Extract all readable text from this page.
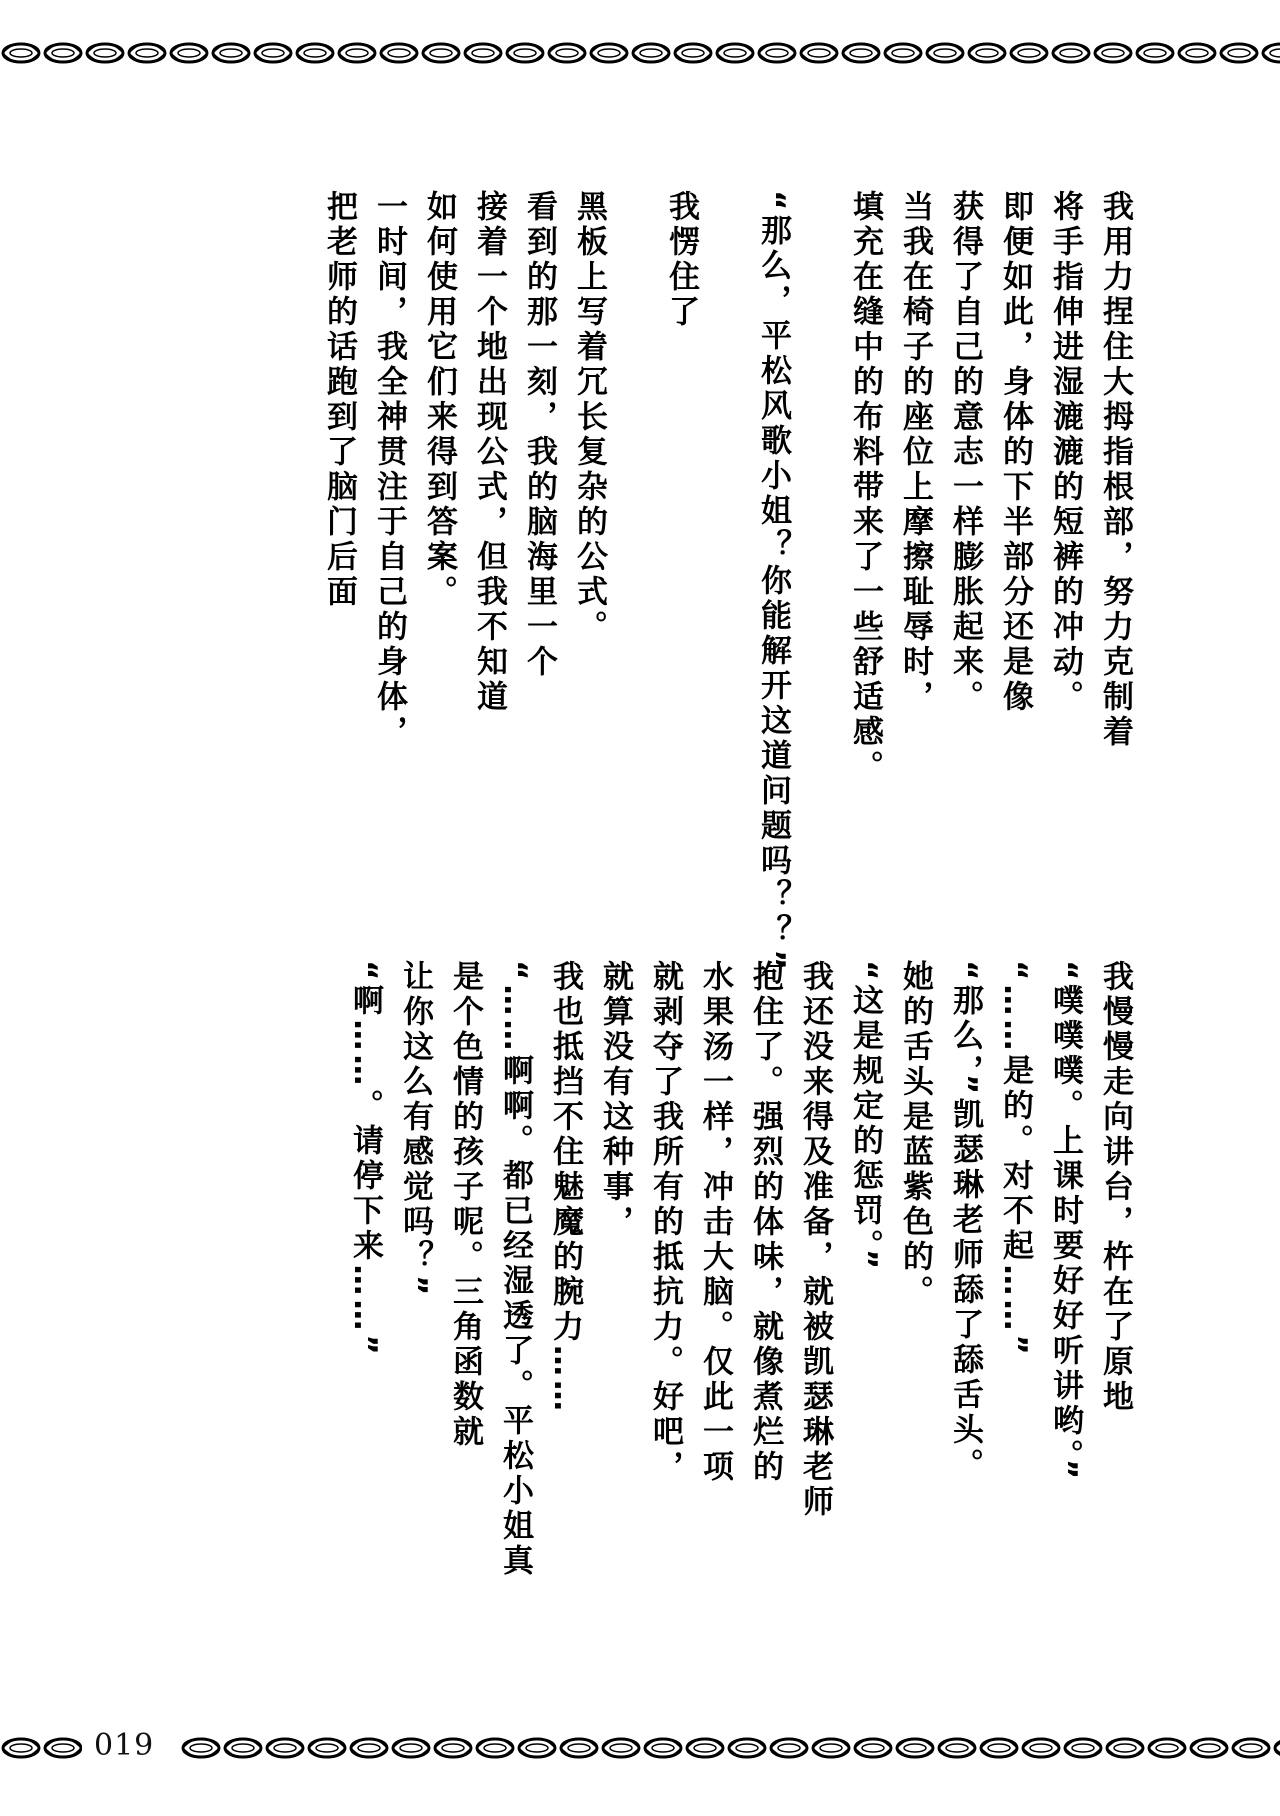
019
我用力捏住大拇指根部，努力克制着
将手指伸进湿漉漉的短裤的冲动。
即便如此，身体的下半部分还是像
获得了自己的意志一样膨胀起来。
当我在椅子的座位上摩擦耻辱时，
填充在缝中的布料带来了一些舒适感。
“那么，平松风歌小姐？你能解开这道问题吗？？”
我愣住了
黑板上写着冗长复杂的公式。
看到的那一刻，我的脑海里一个
接着一个地出现公式，但我不知道
如何使用它们来得到答案。
一时间，我全神贯注于自己的身体，
把老师的话跑到了脑门后面
我慢慢走向讲台，杵在了原地
“噗噗噗。上课时要好好听讲哟。”
“……是的。对不起……”
“那么，”凯瑟琳老师舔了舔舌头。
她的舌头是蓝紫色的。
“这是规定的惩罚。”
我还没来得及准备，就被凯瑟琳老师
抱住了。强烈的体味，就像煮烂的
水果汤一样，冲击大脑。仅此一项
就剥夺了我所有的抵抗力。好吧，
就算没有这种事，
我也抵挡不住魅魔的腕力……
“……啊啊。都已经湿透了。平松小姐真
是个色情的孩子呢。三角函数就
让你这么有感觉吗？”
“啊……。请停下来……”
